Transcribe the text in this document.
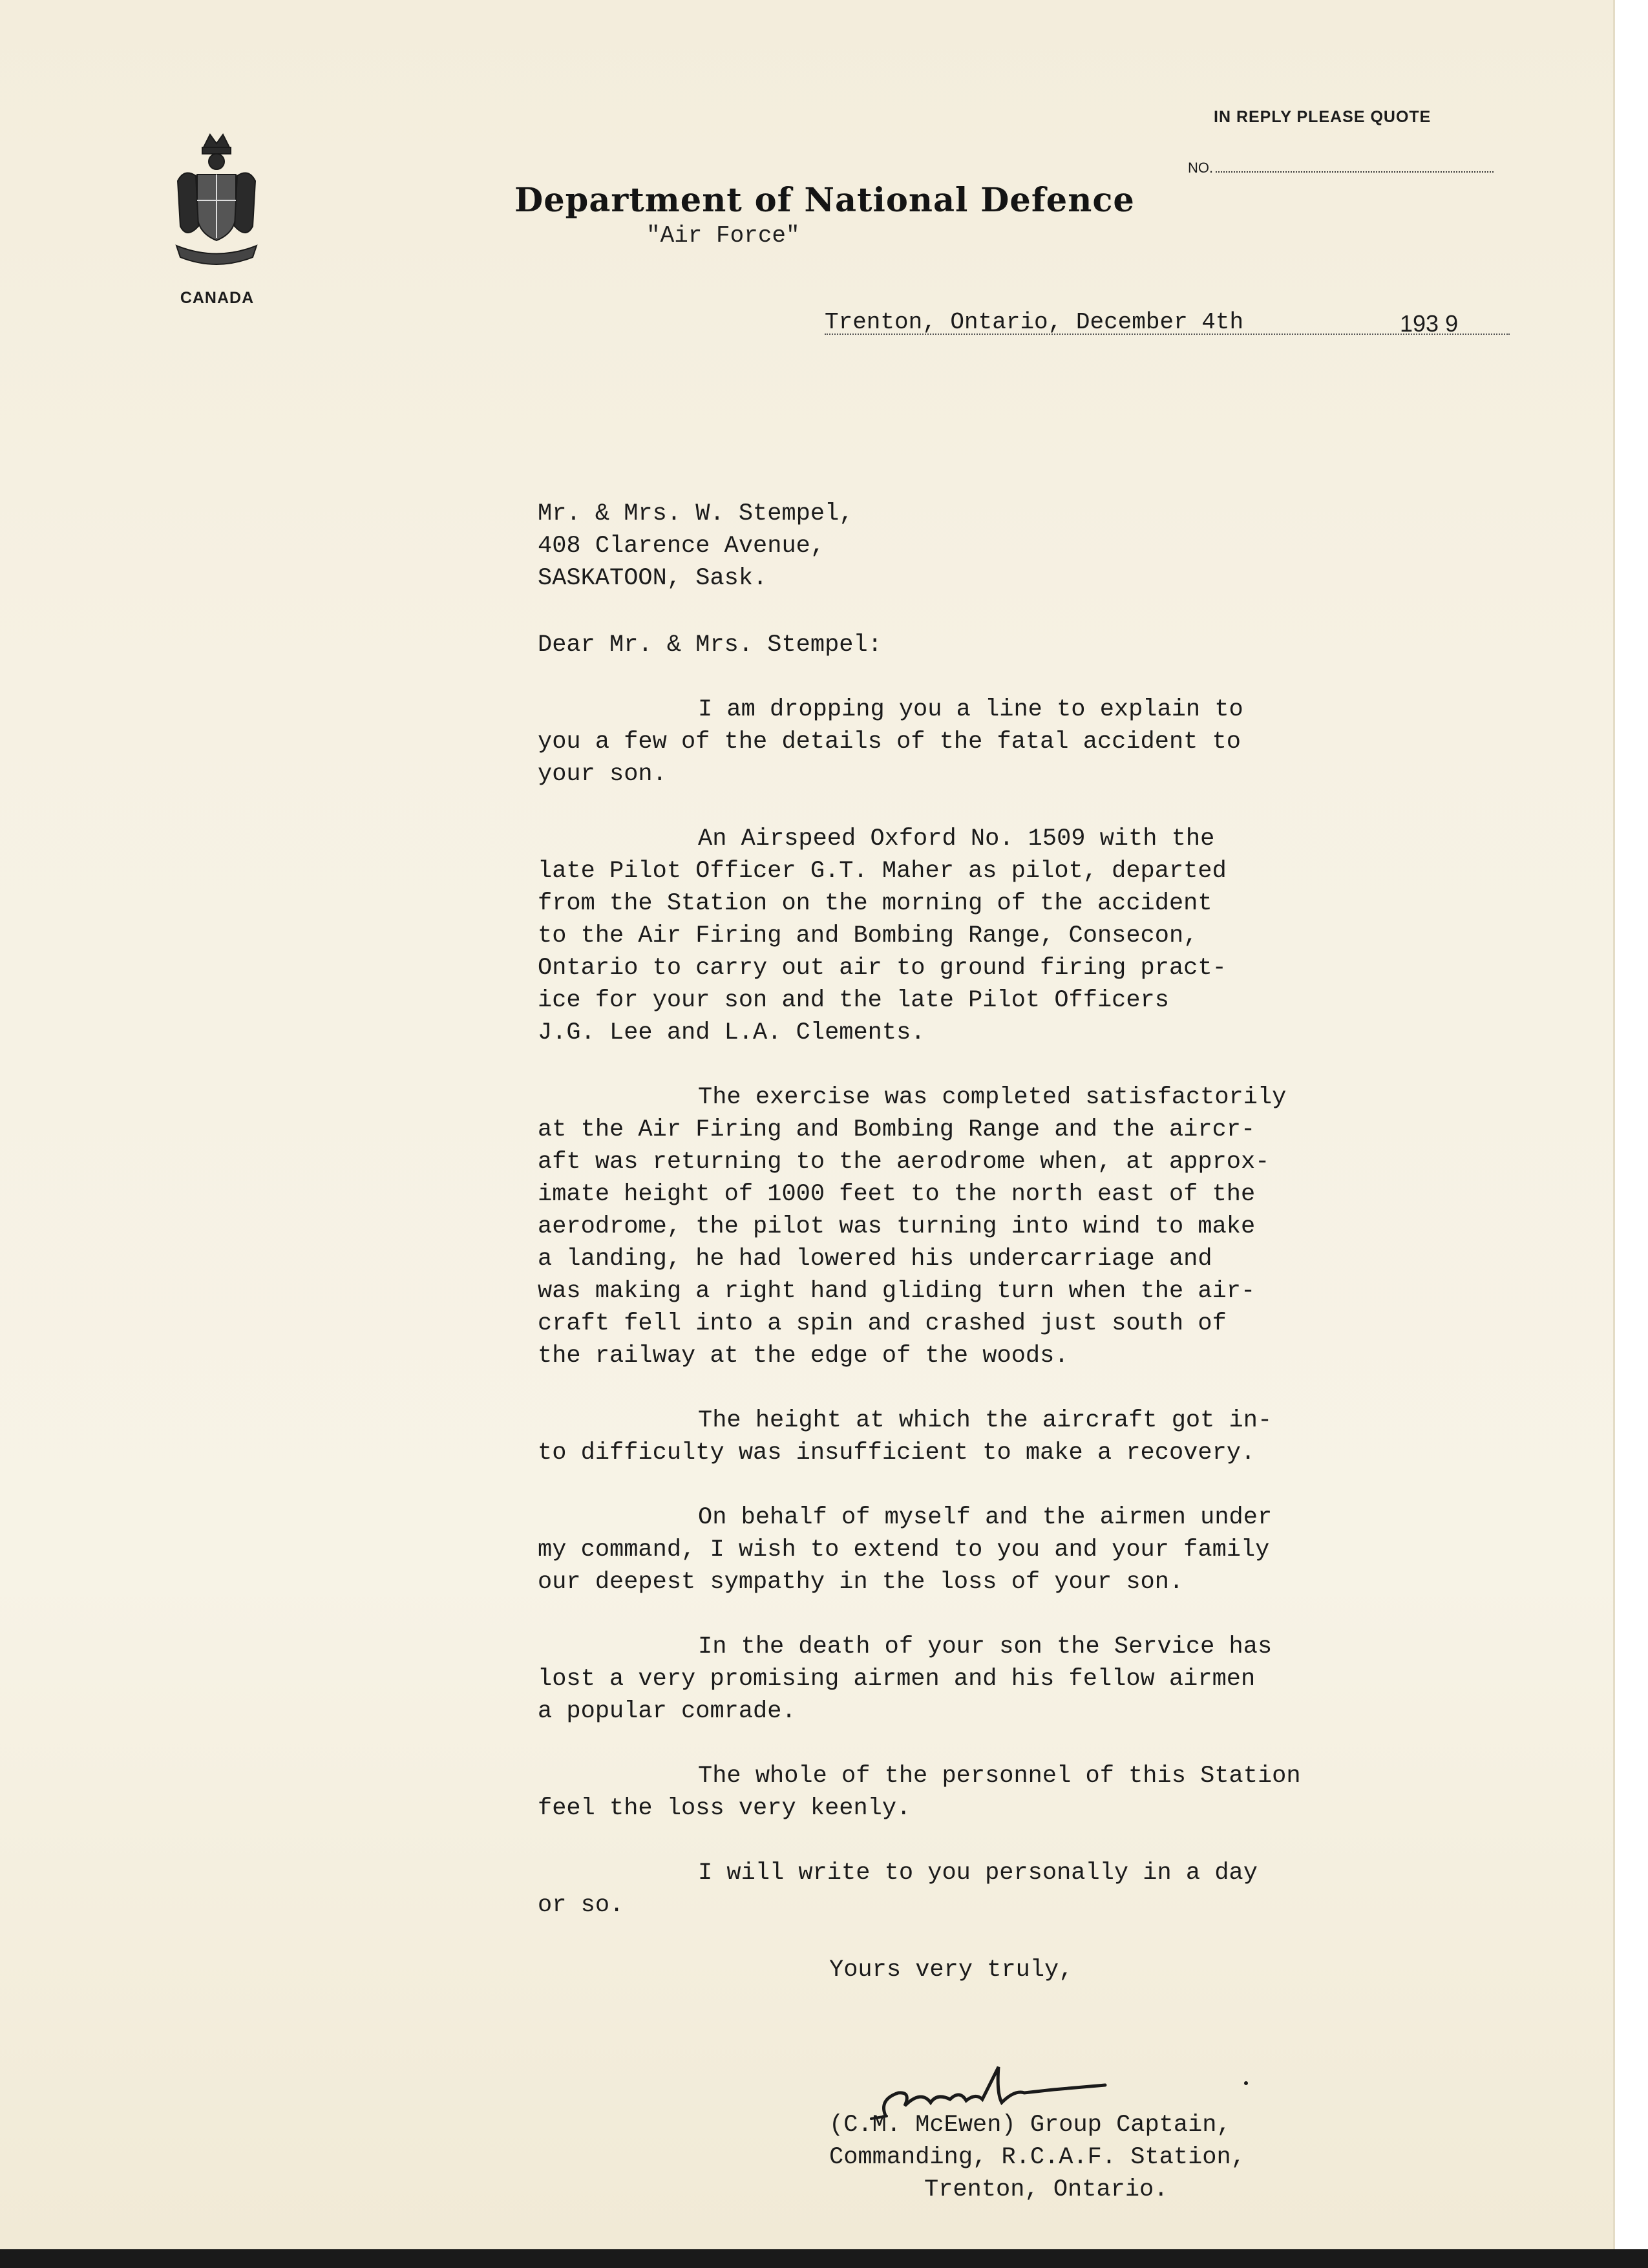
CANADA
IN REPLY PLEASE QUOTE
NO.
Department of National Defence
"Air Force"
Trenton, Ontario, December 4th	193 9
Mr. & Mrs. W. Stempel,
408 Clarence Avenue,
SASKATOON, Sask.
Dear Mr. & Mrs. Stempel:
I am dropping you a line to explain to
you a few of the details of the fatal accident to
your son.
An Airspeed Oxford No. 1509 with the
late Pilot Officer G.T. Maher as pilot, departed
from the Station on the morning of the accident
to the Air Firing and Bombing Range, Consecon,
Ontario to carry out air to ground firing pract-
ice for your son and the late Pilot Officers
J.G. Lee and L.A. Clements.
The exercise was completed satisfactorily
at the Air Firing and Bombing Range and the aircr-
aft was returning to the aerodrome when, at approx-
imate height of 1000 feet to the north east of the
aerodrome, the pilot was turning into wind to make
a landing, he had lowered his undercarriage and
was making a right hand gliding turn when the air-
craft fell into a spin and crashed just south of
the railway at the edge of the woods.
The height at which the aircraft got in-
to difficulty was insufficient to make a recovery.
On behalf of myself and the airmen under
my command, I wish to extend to you and your family
our deepest sympathy in the loss of your son.
In the death of your son the Service has
lost a very promising airmen and his fellow airmen
a popular comrade.
The whole of the personnel of this Station
feel the loss very keenly.
I will write to you personally in a day
or so.
Yours very truly,
(C.M. McEwen) Group Captain,
Commanding, R.C.A.F. Station,
Trenton, Ontario.
